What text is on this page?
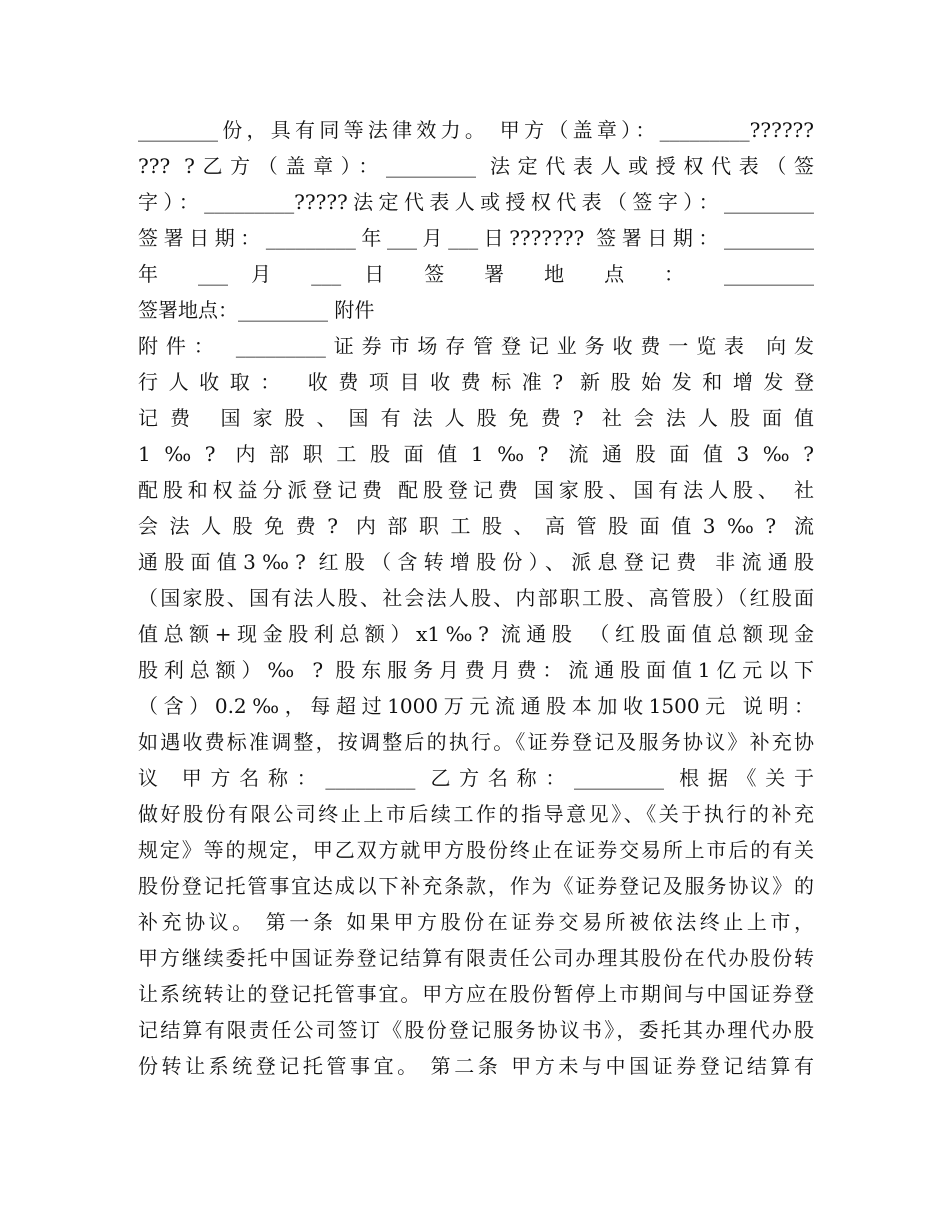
________份，具有同等法律效力。 甲方（盖章）：_________??????
??? ?乙方（盖章）：_________ 法定代表人或授权代表（签
字）：_________?????法定代表人或授权代表（签字）：_________
签署日期：_________年___月___日??????? 签署日期：_________
年 ___ 月 ___ 日 签 署 地 点 ： _________
签署地点：_________ 附件
附件： _________证券市场存管登记业务收费一览表 向发
行人收取： 收费项目收费标准? 新股始发和增发登
记费 国家股、国有法人股免费? 社会法人股面值
1‰? 内部职工股面值1‰? 流通股面值3‰?
配股和权益分派登记费 配股登记费 国家股、国有法人股、 社
会法人股免费? 内部职工股、高管股面值3‰? 流
通股面值3‰? 红股（含转增股份）、派息登记费 非流通股
（国家股、国有法人股、社会法人股、内部职工股、高管股）（红股面
值总额+现金股利总额）x1‰? 流通股 （红股面值总额现金
股利总额）‰ ? 股东服务月费月费：流通股面值1亿元以下
（含）0.2‰，每超过1000万元流通股本加收1500元 说明：
如遇收费标准调整，按调整后的执行。《证券登记及服务协议》补充协
议 甲方名称：_________ 乙方名称：_________ 根据《关于
做好股份有限公司终止上市后续工作的指导意见》、《关于执行的补充
规定》等的规定，甲乙双方就甲方股份终止在证券交易所上市后的有关
股份登记托管事宜达成以下补充条款，作为《证券登记及服务协议》的
补充协议。 第一条 如果甲方股份在证券交易所被依法终止上市，
甲方继续委托中国证券登记结算有限责任公司办理其股份在代办股份转
让系统转让的登记托管事宜。甲方应在股份暂停上市期间与中国证券登
记结算有限责任公司签订《股份登记服务协议书》，委托其办理代办股
份转让系统登记托管事宜。 第二条 甲方未与中国证券登记结算有
